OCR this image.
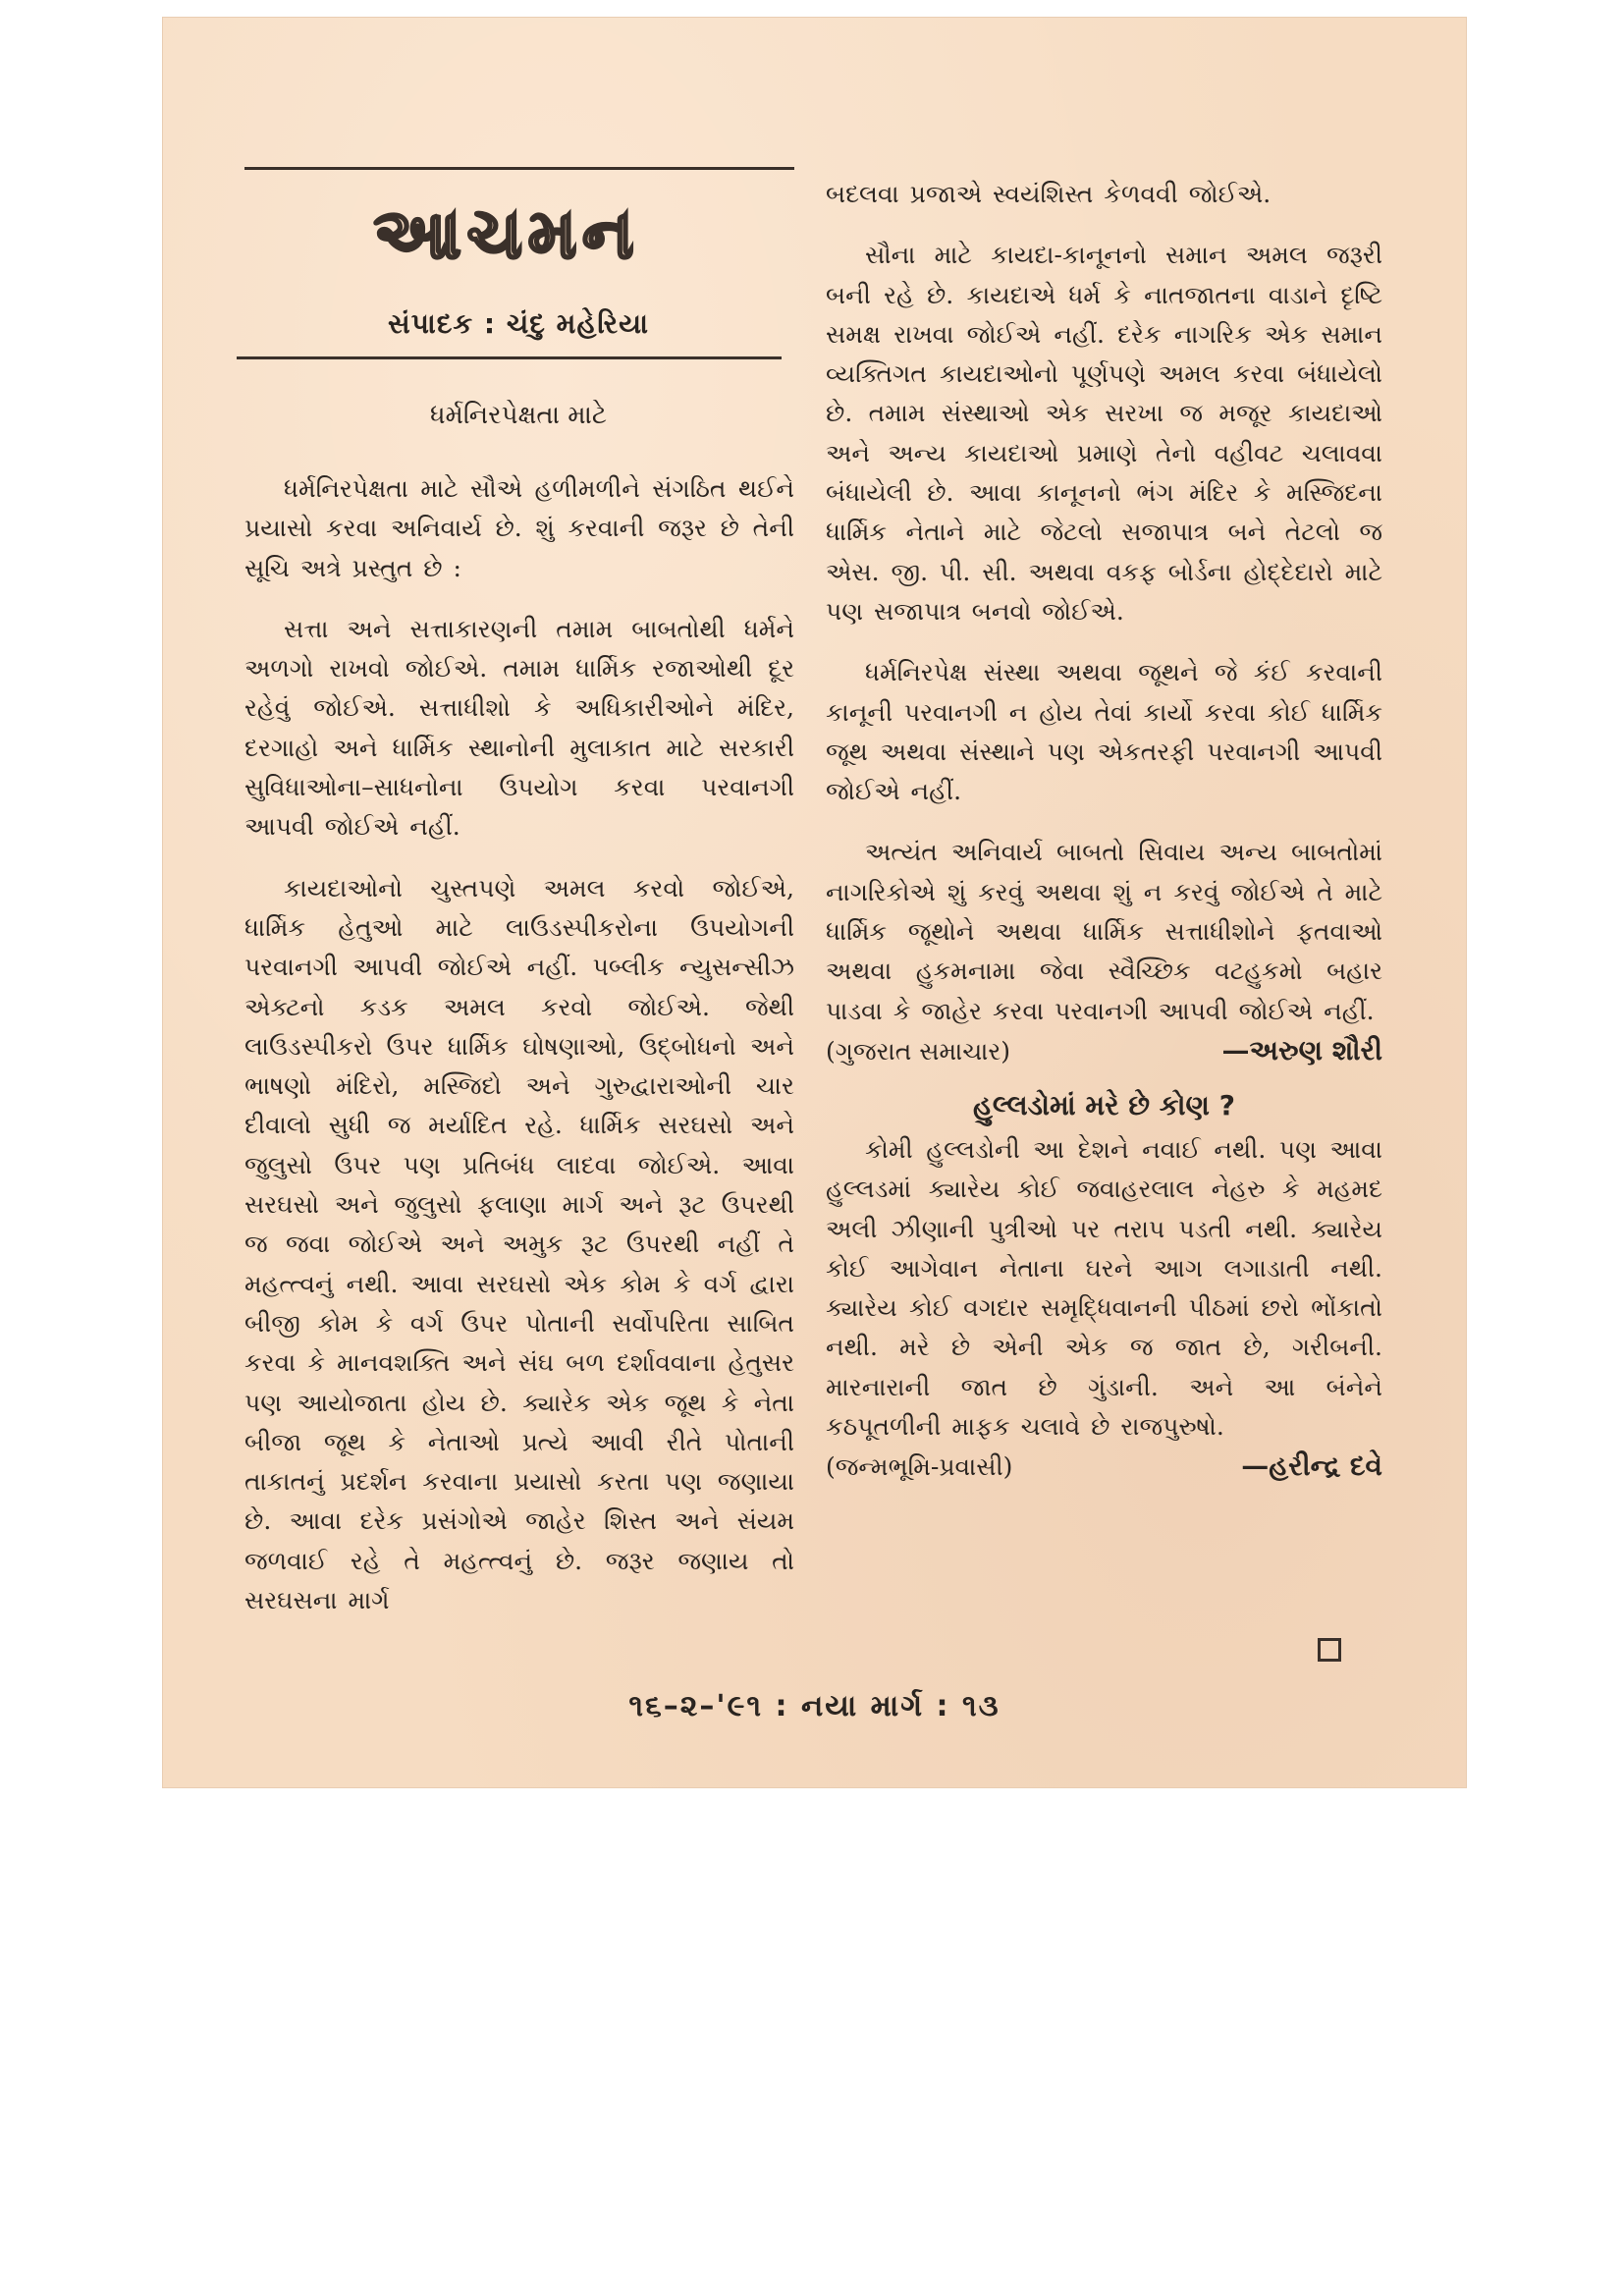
આચમન
સંપાદક : ચંદુ મહેરિયા
ધર્મનિરપેક્ષતા માટે

ધર્મનિરપેક્ષતા માટે સૌએ હળીમળીને સંગઠિત થઈને પ્રયાસો કરવા અનિવાર્ય છે. શું કરવાની જરૂર છે તેની સૂચિ અત્રે પ્રસ્તુત છે :

સત્તા અને સત્તાકારણની તમામ બાબતોથી ધર્મને અળગો રાખવો જોઈએ. તમામ ધાર્મિક રજાઓથી દૂર રહેવું જોઈએ. સત્તાધીશો કે અધિકારીઓને મંદિર, દરગાહો અને ધાર્મિક સ્થાનોની મુલાકાત માટે સરકારી સુવિધાઓના–સાધનોના ઉપયોગ કરવા પરવાનગી આપવી જોઈએ નહીં.

કાયદાઓનો ચુસ્તપણે અમલ કરવો જોઈએ, ધાર્મિક હેતુઓ માટે લાઉડસ્પીકરોના ઉપયોગની પરવાનગી આપવી જોઈએ નહીં. પબ્લીક ન્યુસન્સીઝ એક્ટનો કડક અમલ કરવો જોઈએ. જેથી લાઉડસ્પીકરો ઉપર ધાર્મિક ઘોષણાઓ, ઉદ્બોધનો અને ભાષણો મંદિરો, મસ્જિદો અને ગુરુદ્વારાઓની ચાર દીવાલો સુધી જ મર્યાદિત રહે. ધાર્મિક સરઘસો અને જુલુસો ઉપર પણ પ્રતિબંધ લાદવા જોઈએ. આવા સરઘસો અને જુલુસો ફલાણા માર્ગ અને રૂટ ઉપરથી જ જવા જોઈએ અને અમુક રૂટ ઉપરથી નહીં તે મહત્ત્વનું નથી. આવા સરઘસો એક કોમ કે વર્ગ દ્વારા બીજી કોમ કે વર્ગ ઉપર પોતાની સર્વોપરિતા સાબિત કરવા કે માનવશક્તિ અને સંઘ બળ દર્શાવવાના હેતુસર પણ આયોજાતા હોય છે. ક્યારેક એક જૂથ કે નેતા બીજા જૂથ કે નેતાઓ પ્રત્યે આવી રીતે પોતાની તાકાતનું પ્રદર્શન કરવાના પ્રયાસો કરતા પણ જણાયા છે. આવા દરેક પ્રસંગોએ જાહેર શિસ્ત અને સંયમ જળવાઈ રહે તે મહત્ત્વનું છે. જરૂર જણાય તો સરઘસના માર્ગ

બદલવા પ્રજાએ સ્વયંશિસ્ત કેળવવી જોઈએ.

સૌના માટે કાયદા-કાનૂનનો સમાન અમલ જરૂરી બની રહે છે. કાયદાએ ધર્મ કે નાતજાતના વાડાને દૃષ્ટિ સમક્ષ રાખવા જોઈએ નહીં. દરેક નાગરિક એક સમાન વ્યક્તિગત કાયદાઓનો પૂર્ણપણે અમલ કરવા બંધાયેલો છે. તમામ સંસ્થાઓ એક સરખા જ મજૂર કાયદાઓ અને અન્ય કાયદાઓ પ્રમાણે તેનો વહીવટ ચલાવવા બંધાયેલી છે. આવા કાનૂનનો ભંગ મંદિર કે મસ્જિદના ધાર્મિક નેતાને માટે જેટલો સજાપાત્ર બને તેટલો જ એસ. જી. પી. સી. અથવા વકફ બોર્ડના હોદ્દેદારો માટે પણ સજાપાત્ર બનવો જોઈએ.

ધર્મનિરપેક્ષ સંસ્થા અથવા જૂથને જે કંઈ કરવાની કાનૂની પરવાનગી ન હોય તેવાં કાર્યો કરવા કોઈ ધાર્મિક જૂથ અથવા સંસ્થાને પણ એકતરફી પરવાનગી આપવી જોઈએ નહીં.

અત્યંત અનિવાર્ય બાબતો સિવાય અન્ય બાબતોમાં નાગરિકોએ શું કરવું અથવા શું ન કરવું જોઈએ તે માટે ધાર્મિક જૂથોને અથવા ધાર્મિક સત્તાધીશોને ફતવાઓ અથવા હુકમનામા જેવા સ્વૈચ્છિક વટહુકમો બહાર પાડવા કે જાહેર કરવા પરવાનગી આપવી જોઈએ નહીં.

(ગુજરાત સમાચાર)	—અરુણ શૌરી
હુલ્લડોમાં મરે છે કોણ ?

કોમી હુલ્લડોની આ દેશને નવાઈ નથી. પણ આવા હુલ્લડમાં ક્યારેય કોઈ જવાહરલાલ નેહરુ કે મહમદ અલી ઝીણાની પુત્રીઓ પર તરાપ પડતી નથી. ક્યારેય કોઈ આગેવાન નેતાના ઘરને આગ લગાડાતી નથી. ક્યારેય કોઈ વગદાર સમૃદ્ધિવાનની પીઠમાં છરો ભોંકાતો નથી. મરે છે એની એક જ જાત છે, ગરીબની. મારનારાની જાત છે ગુંડાની. અને આ બંનેને કઠપૂતળીની માફક ચલાવે છે રાજપુરુષો.

(જન્મભૂમિ-પ્રવાસી)	—હરીન્દ્ર દવે
૧૬–૨–'૯૧ : નયા માર્ગ : ૧૩
